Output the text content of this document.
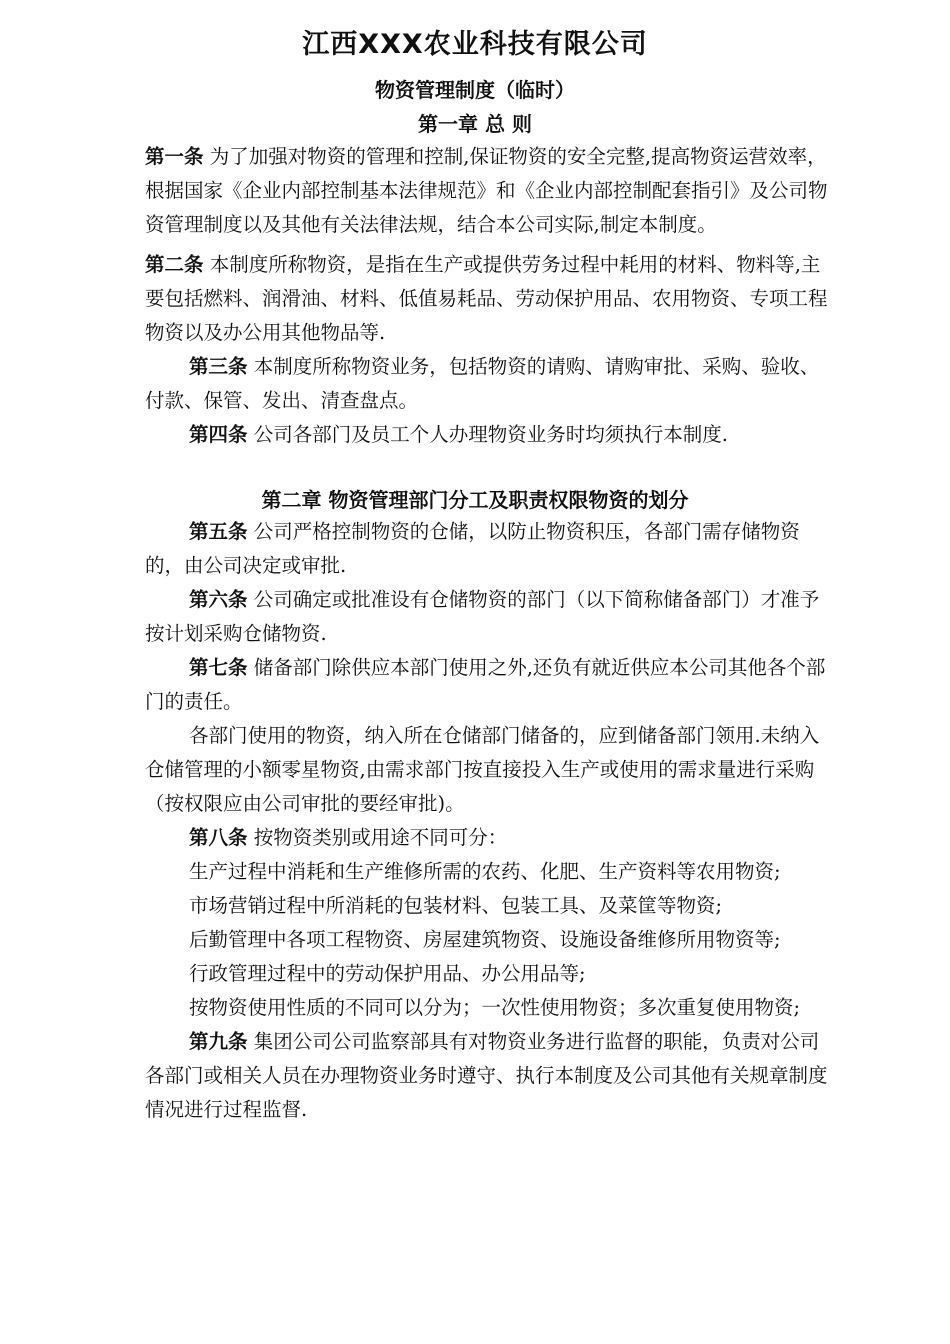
江西XXX农业科技有限公司
物资管理制度（临时）
第一章 总 则

第一条 为了加强对物资的管理和控制,保证物资的安全完整,提高物资运营效率，根据国家《企业内部控制基本法律规范》和《企业内部控制配套指引》及公司物资管理制度以及其他有关法律法规，结合本公司实际,制定本制度。

第二条 本制度所称物资，是指在生产或提供劳务过程中耗用的材料、物料等,主要包括燃料、润滑油、材料、低值易耗品、劳动保护用品、农用物资、专项工程物资以及办公用其他物品等.

第三条 本制度所称物资业务，包括物资的请购、请购审批、采购、验收、付款、保管、发出、清查盘点。

第四条 公司各部门及员工个人办理物资业务时均须执行本制度.

第二章 物资管理部门分工及职责权限物资的划分

第五条 公司严格控制物资的仓储，以防止物资积压，各部门需存储物资的，由公司决定或审批.

第六条 公司确定或批准设有仓储物资的部门（以下简称储备部门）才准予按计划采购仓储物资.

第七条 储备部门除供应本部门使用之外,还负有就近供应本公司其他各个部门的责任。

各部门使用的物资，纳入所在仓储部门储备的，应到储备部门领用.未纳入仓储管理的小额零星物资,由需求部门按直接投入生产或使用的需求量进行采购（按权限应由公司审批的要经审批)。

第八条 按物资类别或用途不同可分：

生产过程中消耗和生产维修所需的农药、化肥、生产资料等农用物资;

市场营销过程中所消耗的包装材料、包装工具、及菜筐等物资;

后勤管理中各项工程物资、房屋建筑物资、设施设备维修所用物资等;

行政管理过程中的劳动保护用品、办公用品等;

按物资使用性质的不同可以分为；一次性使用物资；多次重复使用物资;

第九条 集团公司公司监察部具有对物资业务进行监督的职能，负责对公司各部门或相关人员在办理物资业务时遵守、执行本制度及公司其他有关规章制度情况进行过程监督.
